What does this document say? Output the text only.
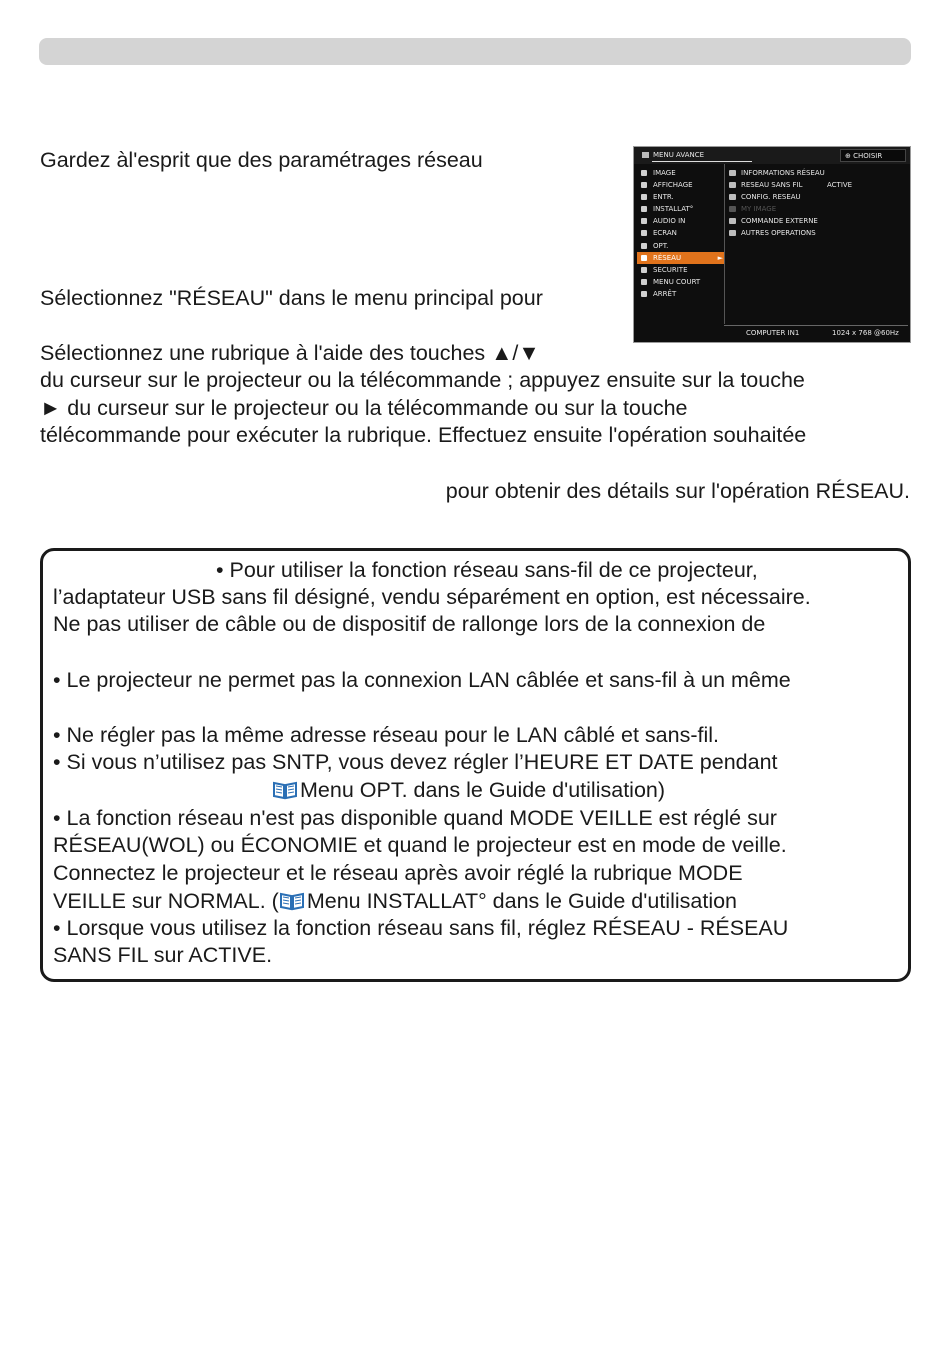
Gardez àl'esprit que des paramétrages réseau
Sélectionnez "RÉSEAU" dans le menu principal pour
Sélectionnez une rubrique à l'aide des touches ▲/▼
du curseur sur le projecteur ou la télécommande ; appuyez ensuite sur la touche
► du curseur sur le projecteur ou la télécommande ou sur la touche
télécommande pour exécuter la rubrique. Effectuez ensuite l'opération souhaitée
pour obtenir des détails sur l'opération RÉSEAU.
MENU AVANCE	⊕ CHOISIR
IMAGE
AFFICHAGE
ENTR.
INSTALLAT°
AUDIO IN
ECRAN
OPT.
RÉSEAU	►
SECURITE
MENU COURT
ARRÊT
INFORMATIONS RÉSEAU
RESEAU SANS FIL	ACTIVE
CONFIG. RESEAU
MY IMAGE
COMMANDE EXTERNE
AUTRES OPERATIONS
COMPUTER IN1	1024 x 768 @60Hz
• Pour utiliser la fonction réseau sans-fil de ce projecteur,
l’adaptateur USB sans fil désigné, vendu séparément en option, est nécessaire.
Ne pas utiliser de câble ou de dispositif de rallonge lors de la connexion de
• Le projecteur ne permet pas la connexion LAN câblée et sans-fil à un même
• Ne régler pas la même adresse réseau pour le LAN câblé et sans-fil.
• Si vous n’utilisez pas SNTP, vous devez régler l’HEURE ET DATE pendant
Menu OPT. dans le Guide d'utilisation)
• La fonction réseau n'est pas disponible quand MODE VEILLE est réglé sur
RÉSEAU(WOL) ou ÉCONOMIE et quand le projecteur est en mode de veille.
Connectez le projecteur et le réseau après avoir réglé la rubrique MODE
VEILLE sur NORMAL. ( Menu INSTALLAT° dans le Guide d'utilisation
• Lorsque vous utilisez la fonction réseau sans fil, réglez RÉSEAU - RÉSEAU
SANS FIL sur ACTIVE.
